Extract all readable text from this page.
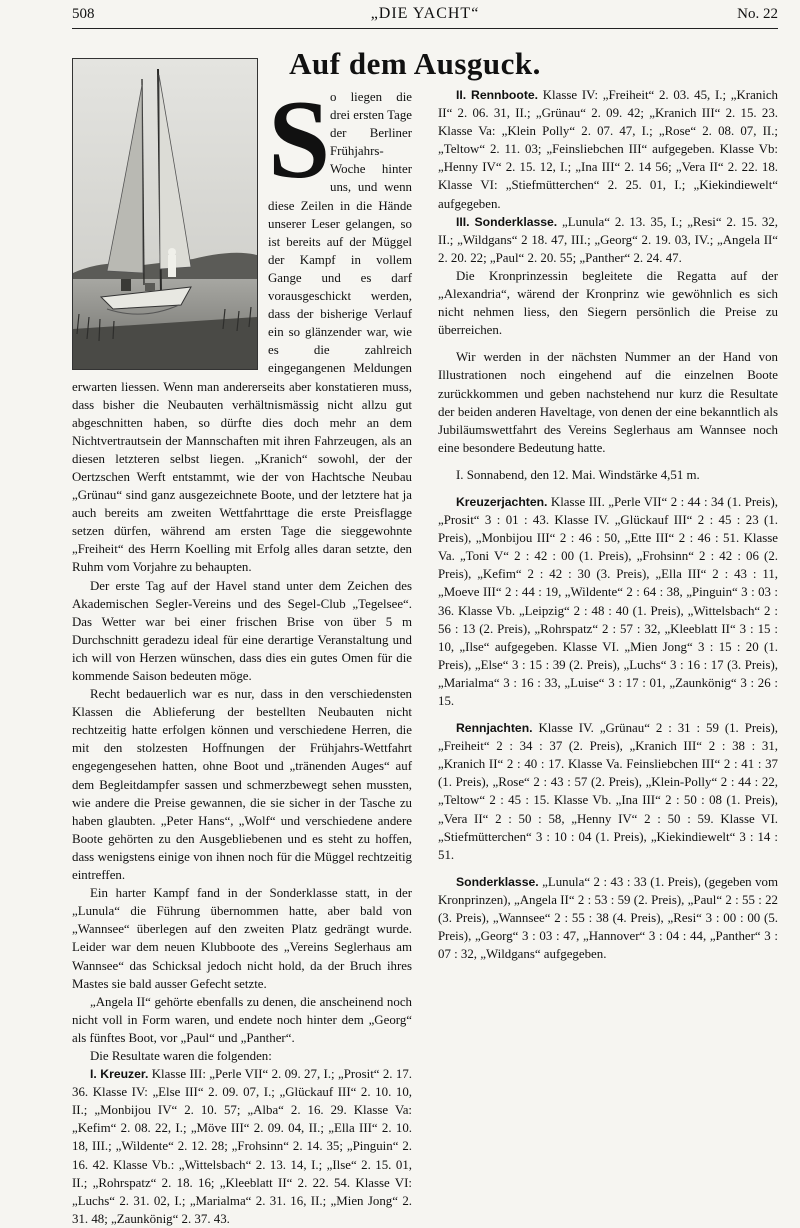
508	„DIE YACHT“	No. 22
Auf dem Ausguck.
S o liegen die drei ersten Tage der Berliner Frühjahrs-Woche hinter uns, und wenn diese Zeilen in die Hände unserer Leser gelangen, so ist bereits auf der Müggel der Kampf in vollem Gange und es darf vorausgeschickt werden, dass der bisherige Verlauf ein so glänzender war, wie es die zahlreich eingegangenen Meldungen erwarten liessen. Wenn man andererseits aber konstatieren muss, dass bisher die Neubauten verhältnismässig nicht allzu gut abgeschnitten haben, so dürfte dies doch mehr an dem Nichtvertrautsein der Mannschaften mit ihren Fahrzeugen, als an diesen letzteren selbst liegen. „Kranich“ sowohl, der der Oertzschen Werft entstammt, wie der von Hachtsche Neubau „Grünau“ sind ganz ausgezeichnete Boote, und der letztere hat ja auch bereits am zweiten Wettfahrttage die erste Preisflagge setzen dürfen, während am ersten Tage die sieggewohnte „Freiheit“ des Herrn Koelling mit Erfolg alles daran setzte, den Ruhm vom Vorjahre zu behaupten.

Der erste Tag auf der Havel stand unter dem Zeichen des Akademischen Segler-Vereins und des Segel-Club „Tegelsee“. Das Wetter war bei einer frischen Brise von über 5 m Durchschnitt geradezu ideal für eine derartige Veranstaltung und ich will von Herzen wünschen, dass dies ein gutes Omen für die kommende Saison bedeuten möge.

Recht bedauerlich war es nur, dass in den verschiedensten Klassen die Ablieferung der bestellten Neubauten nicht rechtzeitig hatte erfolgen können und verschiedene Herren, die mit den stolzesten Hoffnungen der Frühjahrs-Wettfahrt engegengesehen hatten, ohne Boot und „tränenden Auges“ auf dem Begleitdampfer sassen und schmerzbewegt sehen mussten, wie andere die Preise gewannen, die sie sicher in der Tasche zu haben glaubten. „Peter Hans“, „Wolf“ und verschiedene andere Boote gehörten zu den Ausgebliebenen und es steht zu hoffen, dass wenigstens einige von ihnen noch für die Müggel rechtzeitig eintreffen.

Ein harter Kampf fand in der Sonderklasse statt, in der „Lunula“ die Führung übernommen hatte, aber bald von „Wannsee“ überlegen auf den zweiten Platz gedrängt wurde. Leider war dem neuen Klubboote des „Vereins Seglerhaus am Wannsee“ das Schicksal jedoch nicht hold, da der Bruch ihres Mastes sie bald ausser Gefecht setzte.

„Angela II“ gehörte ebenfalls zu denen, die anscheinend noch nicht voll in Form waren, und endete noch hinter dem „Georg“ als fünftes Boot, vor „Paul“ und „Panther“.

Die Resultate waren die folgenden:

I. Kreuzer. Klasse III: „Perle VII“ 2. 09. 27, I.; „Prosit“ 2. 17. 36. Klasse IV: „Else III“ 2. 09. 07, I.; „Glückauf III“ 2. 10. 10, II.; „Monbijou IV“ 2. 10. 57; „Alba“ 2. 16. 29. Klasse Va: „Kefim“ 2. 08. 22, I.; „Möve III“ 2. 09. 04, II.; „Ella III“ 2. 10. 18, III.; „Wildente“ 2. 12. 28; „Frohsinn“ 2. 14. 35; „Pinguin“ 2. 16. 42. Klasse Vb.: „Wittelsbach“ 2. 13. 14, I.; „Ilse“ 2. 15. 01, II.; „Rohrspatz“ 2. 18. 16; „Kleeblatt II“ 2. 22. 54. Klasse VI: „Luchs“ 2. 31. 02, I.; „Marialma“ 2. 31. 16, II.; „Mien Jong“ 2. 31. 48; „Zaunkönig“ 2. 37. 43.

II. Rennboote. Klasse IV: „Freiheit“ 2. 03. 45, I.; „Kranich II“ 2. 06. 31, II.; „Grünau“ 2. 09. 42; „Kranich III“ 2. 15. 23. Klasse Va: „Klein Polly“ 2. 07. 47, I.; „Rose“ 2. 08. 07, II.; „Teltow“ 2. 11. 03; „Feinsliebchen III“ aufgegeben. Klasse Vb: „Henny IV“ 2. 15. 12, I.; „Ina III“ 2. 14 56; „Vera II“ 2. 22. 18. Klasse VI: „Stiefmütterchen“ 2. 25. 01, I.; „Kiekindiewelt“ aufgegeben.

III. Sonderklasse. „Lunula“ 2. 13. 35, I.; „Resi“ 2. 15. 32, II.; „Wildgans“ 2 18. 47, III.; „Georg“ 2. 19. 03, IV.; „Angela II“ 2. 20. 22; „Paul“ 2. 20. 55; „Panther“ 2. 24. 47.

Die Kronprinzessin begleitete die Regatta auf der „Alexandria“, wärend der Kronprinz wie gewöhnlich es sich nicht nehmen liess, den Siegern persönlich die Preise zu überreichen.

Wir werden in der nächsten Nummer an der Hand von Illustrationen noch eingehend auf die einzelnen Boote zurückkommen und geben nachstehend nur kurz die Resultate der beiden anderen Haveltage, von denen der eine bekanntlich als Jubiläumswettfahrt des Vereins Seglerhaus am Wannsee noch eine besondere Bedeutung hatte.

I. Sonnabend, den 12. Mai. Windstärke 4,51 m.

Kreuzerjachten. Klasse III. „Perle VII“ 2 : 44 : 34 (1. Preis), „Prosit“ 3 : 01 : 43. Klasse IV. „Glückauf III“ 2 : 45 : 23 (1. Preis), „Monbijou III“ 2 : 46 : 50, „Ette III“ 2 : 46 : 51. Klasse Va. „Toni V“ 2 : 42 : 00 (1. Preis), „Frohsinn“ 2 : 42 : 06 (2. Preis), „Kefim“ 2 : 42 : 30 (3. Preis), „Ella III“ 2 : 43 : 11, „Moeve III“ 2 : 44 : 19, „Wildente“ 2 : 64 : 38, „Pinguin“ 3 : 03 : 36. Klasse Vb. „Leipzig“ 2 : 48 : 40 (1. Preis), „Wittelsbach“ 2 : 56 : 13 (2. Preis), „Rohrspatz“ 2 : 57 : 32, „Kleeblatt II“ 3 : 15 : 10, „Ilse“ aufgegeben. Klasse VI. „Mien Jong“ 3 : 15 : 20 (1. Preis), „Else“ 3 : 15 : 39 (2. Preis), „Luchs“ 3 : 16 : 17 (3. Preis), „Marialma“ 3 : 16 : 33, „Luise“ 3 : 17 : 01, „Zaunkönig“ 3 : 26 : 15.

Rennjachten. Klasse IV. „Grünau“ 2 : 31 : 59 (1. Preis), „Freiheit“ 2 : 34 : 37 (2. Preis), „Kranich III“ 2 : 38 : 31, „Kranich II“ 2 : 40 : 17. Klasse Va. Feinsliebchen III“ 2 : 41 : 37 (1. Preis), „Rose“ 2 : 43 : 57 (2. Preis), „Klein-Polly“ 2 : 44 : 22, „Teltow“ 2 : 45 : 15. Klasse Vb. „Ina III“ 2 : 50 : 08 (1. Preis), „Vera II“ 2 : 50 : 58, „Henny IV“ 2 : 50 : 59. Klasse VI. „Stiefmütterchen“ 3 : 10 : 04 (1. Preis), „Kiekindiewelt“ 3 : 14 : 51.

Sonderklasse. „Lunula“ 2 : 43 : 33 (1. Preis), (gegeben vom Kronprinzen), „Angela II“ 2 : 53 : 59 (2. Preis), „Paul“ 2 : 55 : 22 (3. Preis), „Wannsee“ 2 : 55 : 38 (4. Preis), „Resi“ 3 : 00 : 00 (5. Preis), „Georg“ 3 : 03 : 47, „Hannover“ 3 : 04 : 44, „Panther“ 3 : 07 : 32, „Wildgans“ aufgegeben.
